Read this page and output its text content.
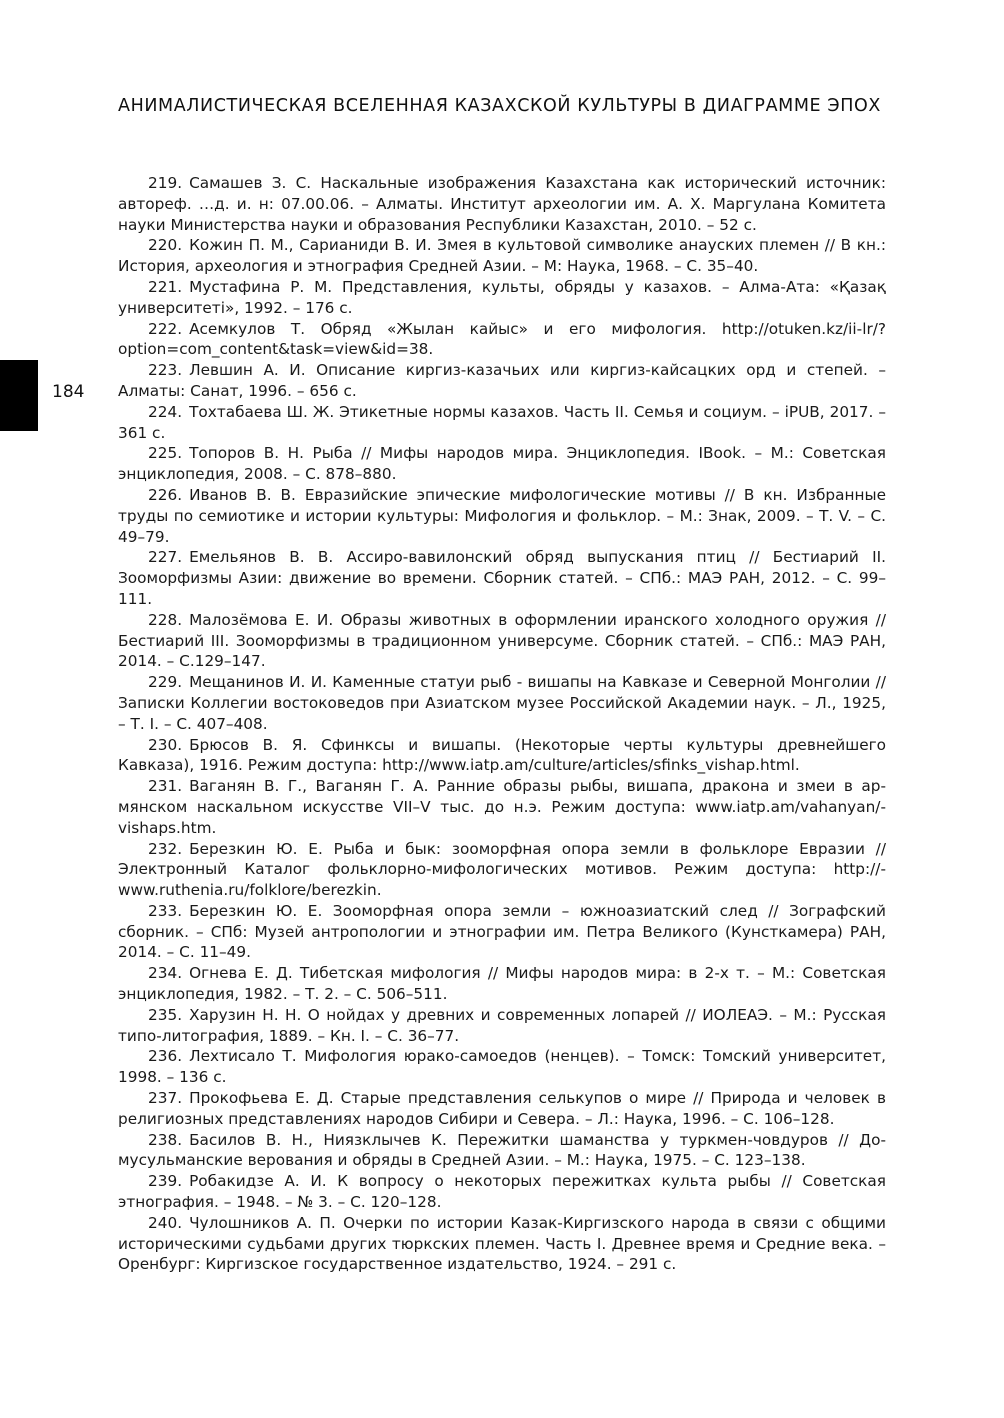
АНИМАЛИСТИЧЕСКАЯ ВСЕЛЕННАЯ КАЗАХСКОЙ КУЛЬТУРЫ В ДИАГРАММЕ ЭПОХ
184

219. Самашев З. С. Наскальные изображения Казахстана как исторический источник: автореф. …д. и. н: 07.00.06. – Алматы. Институт археологии им. А. Х. Маргулана Комитета науки Министерства науки и образования Республики Казахстан, 2010. – 52 с.

220. Кожин П. М., Сарианиди В. И. Змея в культовой символике анауских племен // В кн.: История, археология и этнография Средней Азии. – М: Наука, 1968. – С. 35–40.

221. Мустафина Р. М. Представления, культы, обряды у казахов. – Алма-Ата: «Қазақ университеті», 1992. – 176 с.

222. Асемкулов Т. Обряд «Жылан кайыс» и его мифология. http://otuken.kz/ii-lr/?option=com_content&task=view&id=38.

223. Левшин А. И. Описание киргиз-казачьих или киргиз-кайсацких орд и степей. – Алматы: Санат, 1996. – 656 с.

224. Тохтабаева Ш. Ж. Этикетные нормы казахов. Часть II. Семья и социум. – iPUB, 2017. – 361 с.

225. Топоров В. Н. Рыба // Мифы народов мира. Энциклопедия. IBook. – М.: Советская энциклопедия, 2008. – С. 878–880.

226. Иванов В. В. Евразийские эпические мифологические мотивы // В кн. Избранные труды по семиотике и истории культуры: Мифология и фольклор. – М.: Знак, 2009. – Т. V. – С. 49–79.

227. Емельянов В. В. Ассиро-вавилонский обряд выпускания птиц // Бестиарий II. Зооморфизмы Азии: движение во времени. Сборник статей. – СПб.: МАЭ РАН, 2012. – С. 99–111.

228. Малозёмова Е. И. Образы животных в оформлении иранского холодного оружия // Бестиарий III. Зооморфизмы в традиционном универсуме. Сборник статей. – СПб.: МАЭ РАН, 2014. – С.129–147.

229. Мещанинов И. И. Каменные статуи рыб - вишапы на Кавказе и Северной Монголии // Записки Коллегии востоковедов при Азиатском музее Российской Академии наук. – Л., 1925, – Т. I. – С. 407–408.

230. Брюсов В. Я. Сфинксы и вишапы. (Некоторые черты культуры древнейшего Кавказа), 1916. Режим доступа: http://www.iatp.am/culture/articles/sfinks_vishap.html.

231. Ваганян В. Г., Ваганян Г. А. Ранние образы рыбы, вишапа, дракона и змеи в армянском наскальном искусстве VII–V тыс. до н.э. Режим доступа: www.iatp.am/vahanyan/vishaps.htm.

232. Березкин Ю. Е. Рыба и бык: зооморфная опора земли в фольклоре Евразии // Электронный Каталог фольклорно-мифологических мотивов. Режим доступа: http://www.ruthenia.ru/folklore/berezkin.

233. Березкин Ю. Е. Зооморфная опора земли – южноазиатский след // Зографский сборник. – СПб: Музей антропологии и этнографии им. Петра Великого (Кунсткамера) РАН, 2014. – С. 11–49.

234. Огнева Е. Д. Тибетская мифология // Мифы народов мира: в 2-х т. – М.: Советская энциклопедия, 1982. – Т. 2. – С. 506–511.

235. Харузин Н. Н. О нойдах у древних и современных лопарей // ИОЛЕАЭ. – М.: Русская типо-литография, 1889. – Кн. I. – С. 36–77.

236. Лехтисало Т. Мифология юрако-самоедов (ненцев). – Томск: Томский университет, 1998. – 136 с.

237. Прокофьева Е. Д. Старые представления селькупов о мире // Природа и человек в религиозных представлениях народов Сибири и Севера. – Л.: Наука, 1996. – С. 106–128.

238. Басилов В. Н., Ниязклычев К. Пережитки шаманства у туркмен-човдуров // Домусульманские верования и обряды в Средней Азии. – М.: Наука, 1975. – С. 123–138.

239. Робакидзе А. И. К вопросу о некоторых пережитках культа рыбы // Советская этнография. – 1948. – № 3. – С. 120–128.

240. Чулошников А. П. Очерки по истории Казак-Киргизского народа в связи с общими историческими судьбами других тюркских племен. Часть I. Древнее время и Средние века. – Оренбург: Киргизское государственное издательство, 1924. – 291 с.
